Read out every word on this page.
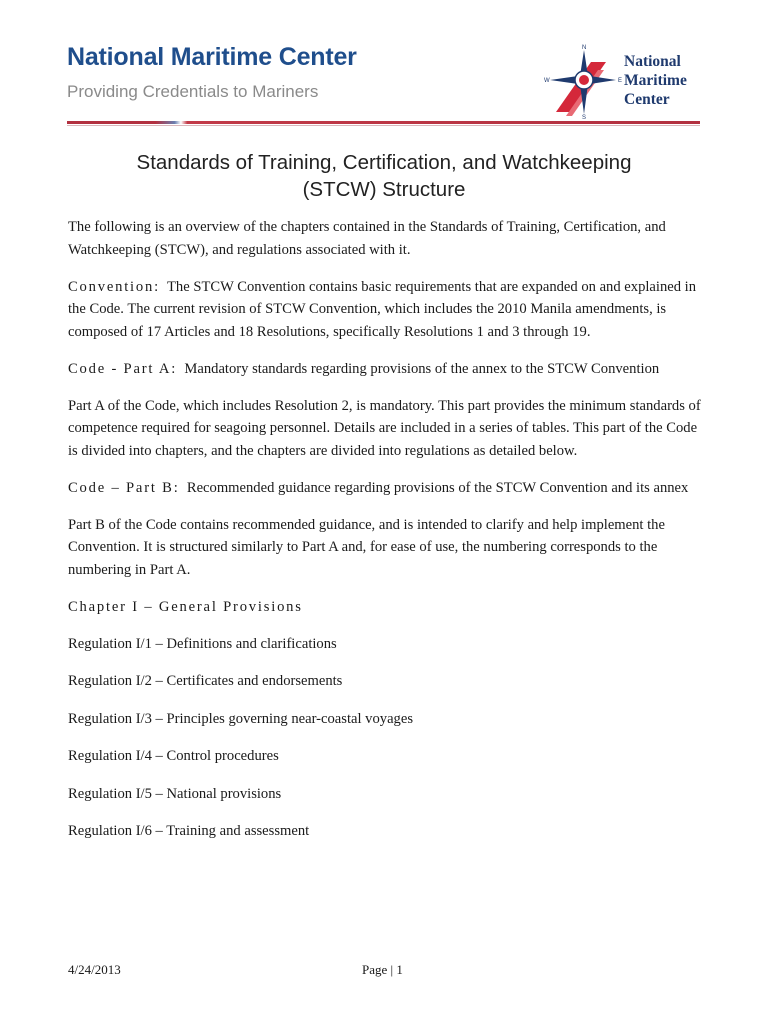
National Maritime Center
Providing Credentials to Mariners
N
S
W	E
National
Maritime
Center
Standards of Training, Certification, and Watchkeeping
(STCW) Structure

The following is an overview of the chapters contained in the Standards of Training, Certification, and Watchkeeping (STCW), and regulations associated with it.

Convention: The STCW Convention contains basic requirements that are expanded on and explained in the Code. The current revision of STCW Convention, which includes the 2010 Manila amendments, is composed of 17 Articles and 18 Resolutions, specifically Resolutions 1 and 3 through 19.

Code - Part A: Mandatory standards regarding provisions of the annex to the STCW Convention

Part A of the Code, which includes Resolution 2, is mandatory. This part provides the minimum standards of competence required for seagoing personnel. Details are included in a series of tables. This part of the Code is divided into chapters, and the chapters are divided into regulations as detailed below.

Code – Part B: Recommended guidance regarding provisions of the STCW Convention and its annex

Part B of the Code contains recommended guidance, and is intended to clarify and help implement the Convention. It is structured similarly to Part A and, for ease of use, the numbering corresponds to the numbering in Part A.

Chapter I – General Provisions

Regulation I/1 – Definitions and clarifications
Regulation I/2 – Certificates and endorsements
Regulation I/3 – Principles governing near-coastal voyages
Regulation I/4 – Control procedures
Regulation I/5 – National provisions
Regulation I/6 – Training and assessment
4/24/2013	Page | 1
